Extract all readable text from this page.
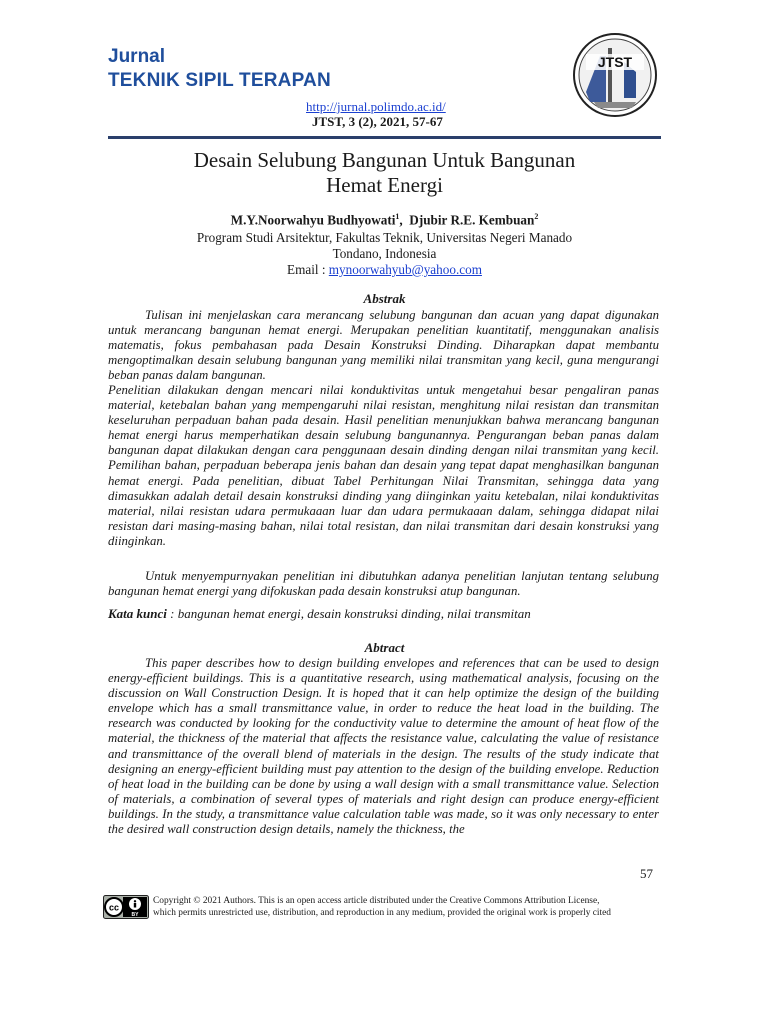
Jurnal
TEKNIK SIPIL TERAPAN
JTST
http://jurnal.polimdo.ac.id/
JTST, 3 (2), 2021, 57-67
Desain Selubung Bangunan Untuk Bangunan
Hemat Energi
M.Y.Noorwahyu Budhyowati$^1$,  Djubir R.E. Kembuan$^2$
Program Studi Arsitektur, Fakultas Teknik, Universitas Negeri Manado
Tondano, Indonesia
Email : mynoorwahyub@yahoo.com
Abstrak
Tulisan ini menjelaskan cara merancang selubung bangunan dan acuan yang dapat digunakan untuk merancang bangunan hemat energi. Merupakan penelitian kuantitatif, menggunakan analisis matematis, fokus pembahasan pada Desain Konstruksi Dinding. Diharapkan dapat membantu mengoptimalkan desain selubung bangunan yang memiliki nilai transmitan yang kecil, guna mengurangi beban panas dalam bangunan.
Penelitian dilakukan dengan mencari nilai konduktivitas untuk mengetahui besar pengaliran panas material, ketebalan bahan yang mempengaruhi nilai resistan, menghitung nilai resistan dan transmitan keseluruhan perpaduan bahan pada desain. Hasil penelitian menunjukkan bahwa merancang bangunan hemat energi harus memperhatikan desain selubung bangunannya. Pengurangan beban panas dalam bangunan dapat dilakukan dengan cara penggunaan desain dinding dengan nilai transmitan yang kecil. Pemilihan bahan, perpaduan beberapa jenis bahan dan desain yang tepat dapat menghasilkan bangunan hemat energi. Pada penelitian, dibuat Tabel Perhitungan Nilai Transmitan, sehingga data yang dimasukkan adalah detail desain konstruksi dinding yang diinginkan yaitu ketebalan, nilai konduktivitas material, nilai resistan udara permukaaan luar dan udara permukaaan dalam, sehingga didapat nilai resistan dari masing-masing bahan, nilai total resistan, dan nilai transmitan dari desain konstruksi yang diinginkan.
Untuk menyempurnyakan penelitian ini dibutuhkan adanya penelitian lanjutan tentang selubung bangunan hemat energi yang difokuskan pada desain konstruksi atup bangunan.
Kata kunci : bangunan hemat energi, desain konstruksi dinding, nilai transmitan
Abtract
This paper describes how to design building envelopes and references that can be used to design energy-efficient buildings. This is a quantitative research, using mathematical analysis, focusing on the discussion on Wall Construction Design. It is hoped that it can help optimize the design of the building envelope which has a small transmittance value, in order to reduce the heat load in the building. The research was conducted by looking for the conductivity value to determine the amount of heat flow of the material, the thickness of the material that affects the resistance value, calculating the value of resistance and transmittance of the overall blend of materials in the design. The results of the study indicate that designing an energy-efficient building must pay attention to the design of the building envelope. Reduction of heat load in the building can be done by using a wall design with a small transmittance value. Selection of materials, a combination of several types of materials and right design can produce energy-efficient buildings. In the study, a transmittance value calculation table was made, so it was only necessary to enter the desired wall construction design details, namely the thickness, the
57
cc
BY
Copyright © 2021 Authors. This is an open access article distributed under the Creative Commons Attribution License,
which permits unrestricted use, distribution, and reproduction in any medium, provided the original work is properly cited
